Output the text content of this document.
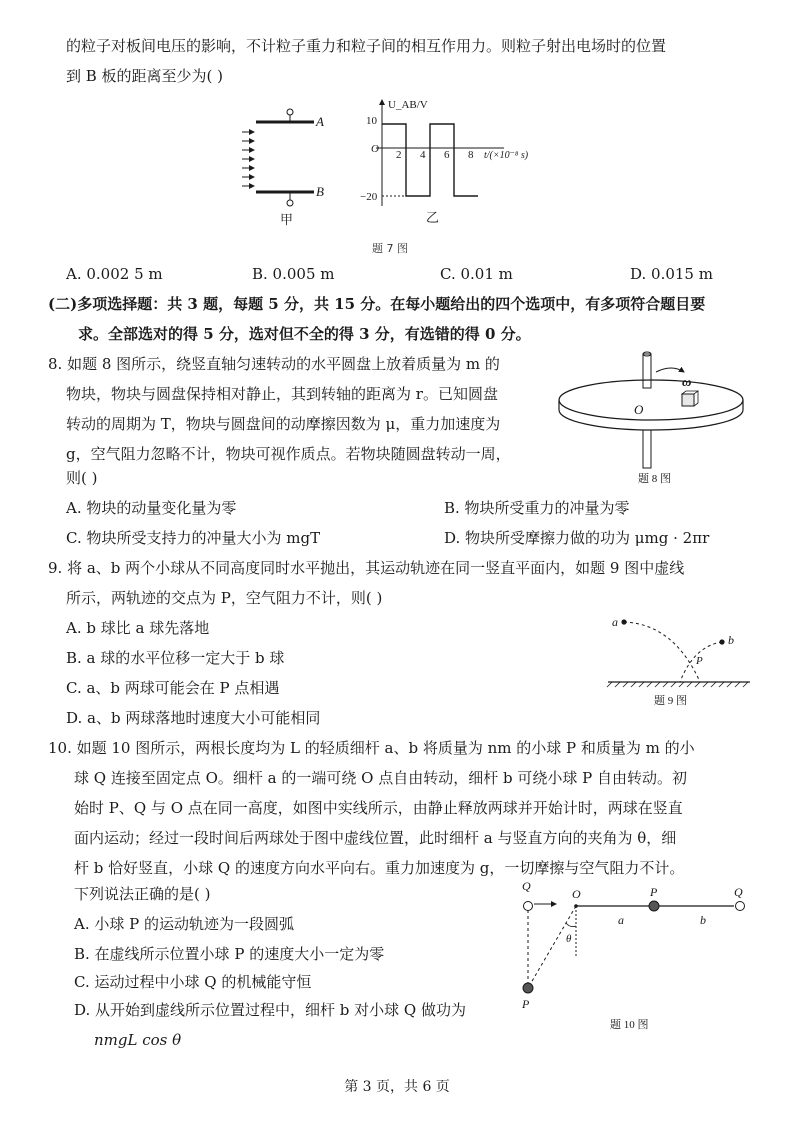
的粒子对板间电压的影响，不计粒子重力和粒子间的相互作用力。则粒子射出电场时的位置
到 B 板的距离至少为( )
A
B
甲
U_AB/V
t/(×10⁻⁸ s)
O
10
−20
2 4 6 8
乙
题 7 图
A. 0.002 5 m	B. 0.005 m	C. 0.01 m	D. 0.015 m
(二)多项选择题：共 3 题，每题 5 分，共 15 分。在每小题给出的四个选项中，有多项符合题目要
求。全部选对的得 5 分，选对但不全的得 3 分，有选错的得 0 分。
8. 如题 8 图所示，绕竖直轴匀速转动的水平圆盘上放着质量为 m 的
物块，物块与圆盘保持相对静止，其到转轴的距离为 r。已知圆盘
转动的周期为 T，物块与圆盘间的动摩擦因数为 μ，重力加速度为
g，空气阻力忽略不计，物块可视作质点。若物块随圆盘转动一周，
则( )
ω
O
题 8 图
A. 物块的动量变化量为零	B. 物块所受重力的冲量为零
C. 物块所受支持力的冲量大小为 mgT	D. 物块所受摩擦力做的功为 μmg · 2πr
9. 将 a、b 两个小球从不同高度同时水平抛出，其运动轨迹在同一竖直平面内，如题 9 图中虚线
所示，两轨迹的交点为 P，空气阻力不计，则( )
A. b 球比 a 球先落地
B. a 球的水平位移一定大于 b 球
C. a、b 两球可能会在 P 点相遇
D. a、b 两球落地时速度大小可能相同
a
b
P
题 9 图
10. 如题 10 图所示，两根长度均为 L 的轻质细杆 a、b 将质量为 nm 的小球 P 和质量为 m 的小
球 Q 连接至固定点 O。细杆 a 的一端可绕 O 点自由转动，细杆 b 可绕小球 P 自由转动。初
始时 P、Q 与 O 点在同一高度，如图中实线所示，由静止释放两球并开始计时，两球在竖直
面内运动；经过一段时间后两球处于图中虚线位置，此时细杆 a 与竖直方向的夹角为 θ，细
杆 b 恰好竖直，小球 Q 的速度方向水平向右。重力加速度为 g，一切摩擦与空气阻力不计。
下列说法正确的是( )
A. 小球 P 的运动轨迹为一段圆弧
B. 在虚线所示位置小球 P 的速度大小一定为零
C. 运动过程中小球 Q 的机械能守恒
D. 从开始到虚线所示位置过程中，细杆 b 对小球 Q 做功为
nmgL cos θ
Q
O	P	Q
a	b
P
θ
题 10 图
第 3 页，共 6 页
